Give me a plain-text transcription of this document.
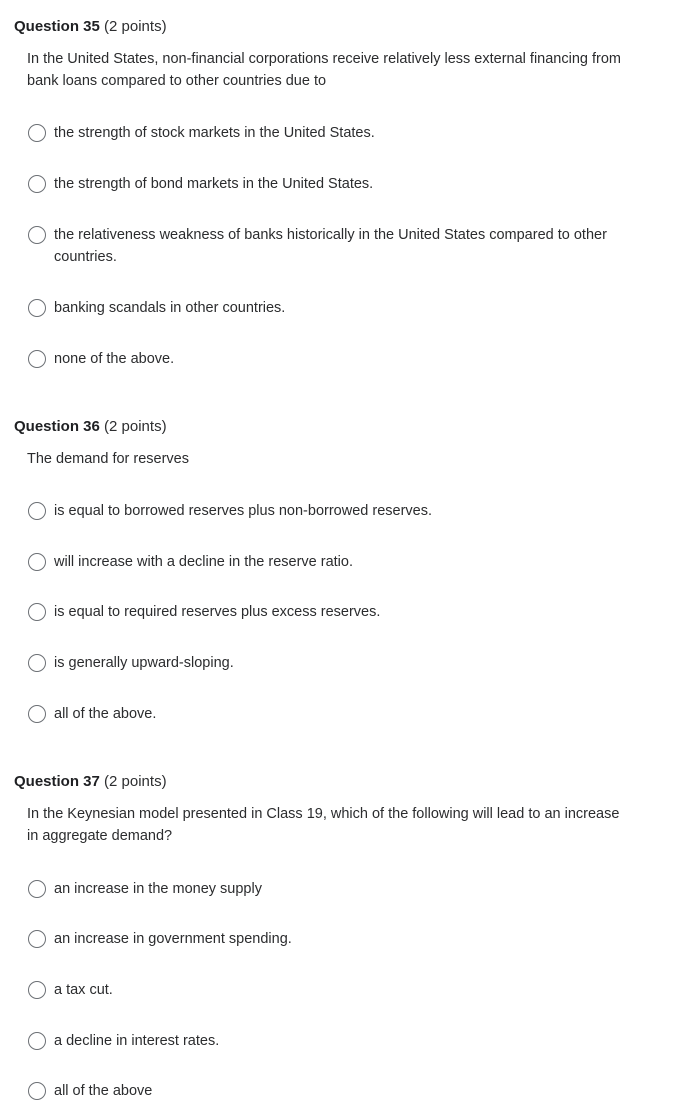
Question 35 (2 points)
In the United States, non-financial corporations receive relatively less external financing from bank loans compared to other countries due to
the strength of stock markets in the United States.
the strength of bond markets in the United States.
the relativeness weakness of banks historically in the United States compared to other countries.
banking scandals in other countries.
none of the above.
Question 36 (2 points)
The demand for reserves
is equal to borrowed reserves plus non-borrowed reserves.
will increase with a decline in the reserve ratio.
is equal to required reserves plus excess reserves.
is generally upward-sloping.
all of the above.
Question 37 (2 points)
In the Keynesian model presented in Class 19, which of the following will lead to an increase in aggregate demand?
an increase in the money supply
an increase in government spending.
a tax cut.
a decline in interest rates.
all of the above
